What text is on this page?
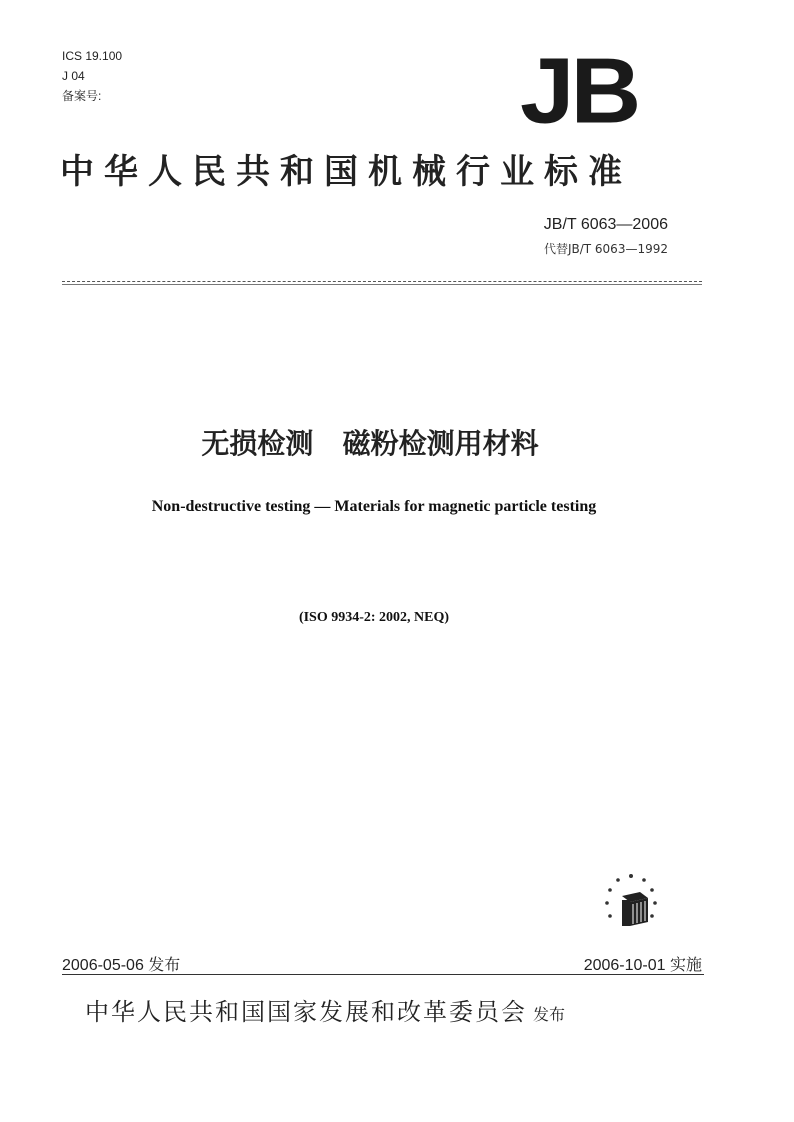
ICS 19.100
J 04
备案号:	JB
中华人民共和国机械行业标准
JB/T 6063—2006
代替JB/T 6063—1992
无损检测   磁粉检测用材料
Non-destructive testing — Materials for magnetic particle testing
(ISO 9934-2: 2002, NEQ)
2006-05-06 发布	2006-10-01 实施
中华人民共和国国家发展和改革委员会 发布
